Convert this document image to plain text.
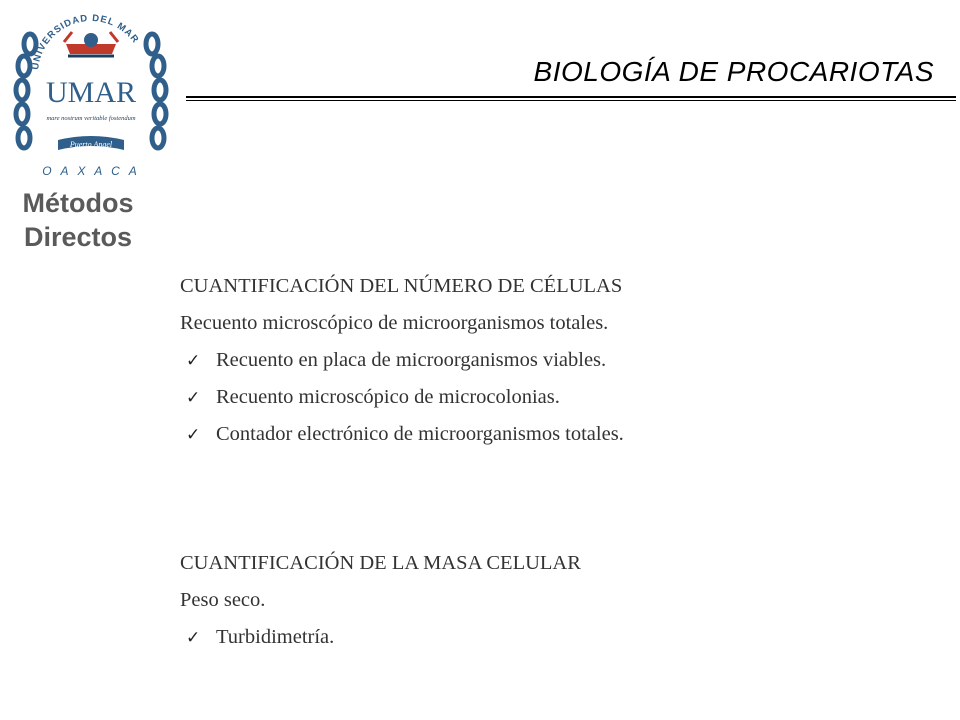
UNIVERSIDAD DEL MAR
UMAR
mare nostrum veritable fostendum
Puerto Angel
O A X A C A
Métodos
Directos
BIOLOGÍA DE PROCARIOTAS
CUANTIFICACIÓN DEL NÚMERO DE CÉLULAS
Recuento microscópico de microorganismos totales.
✓ Recuento en placa de microorganismos viables.
✓ Recuento microscópico de microcolonias.
✓ Contador electrónico de microorganismos totales.
CUANTIFICACIÓN DE LA MASA CELULAR
Peso seco.
✓ Turbidimetría.
